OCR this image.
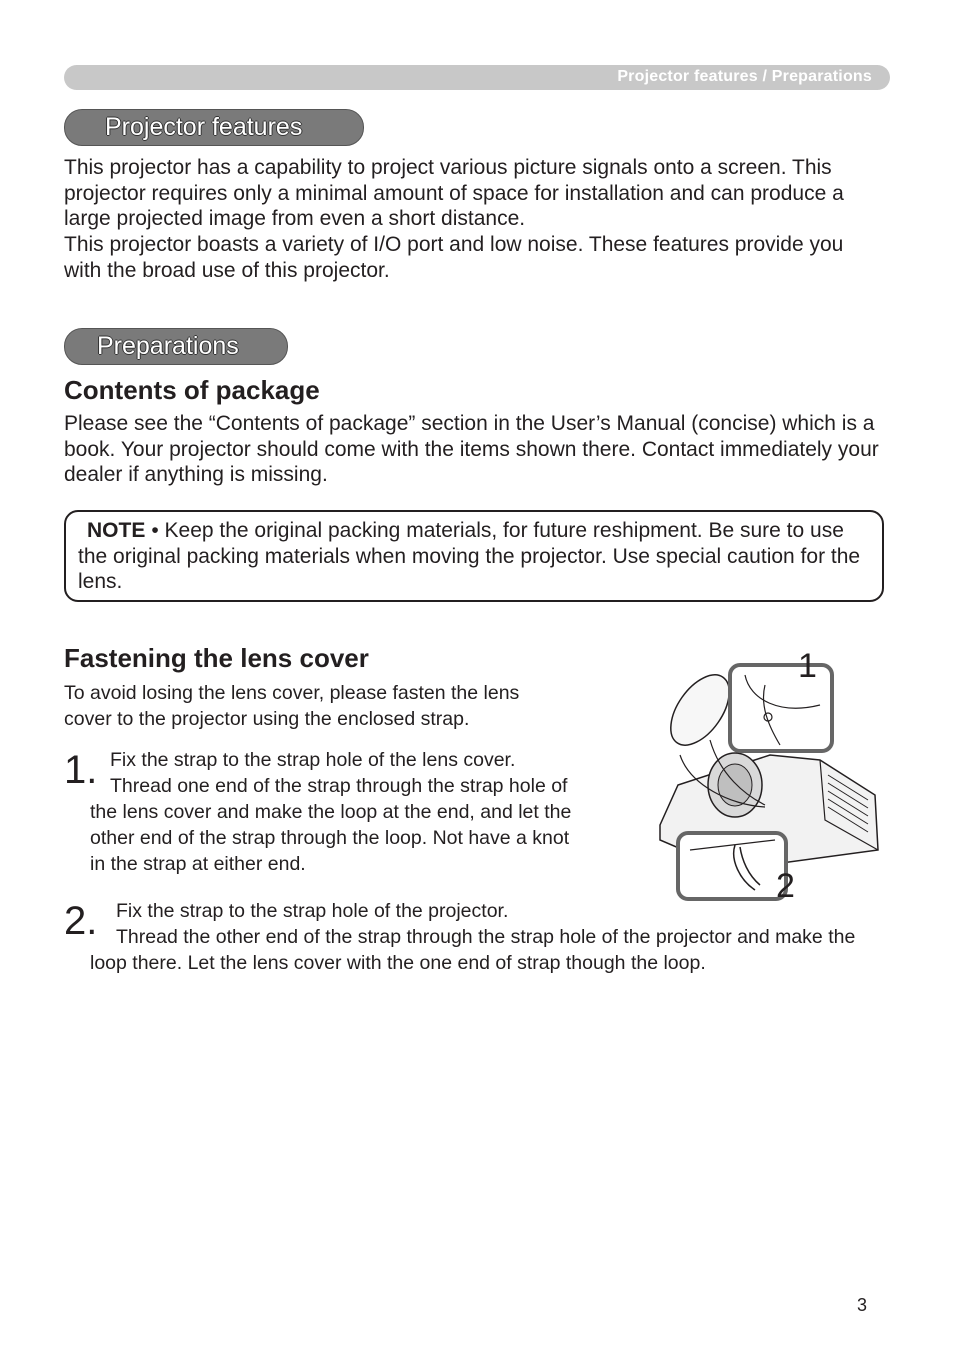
Projector features / Preparations
Projector features

This projector has a capability to project various picture signals onto a screen. This projector requires only a minimal amount of space for installation and can produce a large projected image from even a short distance.

This projector boasts a variety of I/O port and low noise. These features provide you with the broad use of this projector.

Preparations
Contents of package

Please see the “Contents of package” section in the User’s Manual (concise) which is a book. Your projector should come with the items shown there. Contact immediately your dealer if anything is missing.

NOTE • Keep the original packing materials, for future reshipment. Be sure to use the original packing materials when moving the projector. Use special caution for the lens.

Fastening the lens cover

To avoid losing the lens cover, please fasten the lens cover to the projector using the enclosed strap.

1. Fix the strap to the strap hole of the lens cover.

Thread one end of the strap through the strap hole of the lens cover and make the loop at the end, and let the other end of the strap through the loop. Not have a knot in the strap at either end.

2. Fix the strap to the strap hole of the projector.

Thread the other end of the strap through the strap hole of the projector and make the loop there. Let the lens cover with the one end of strap though the loop.

1
2
3
